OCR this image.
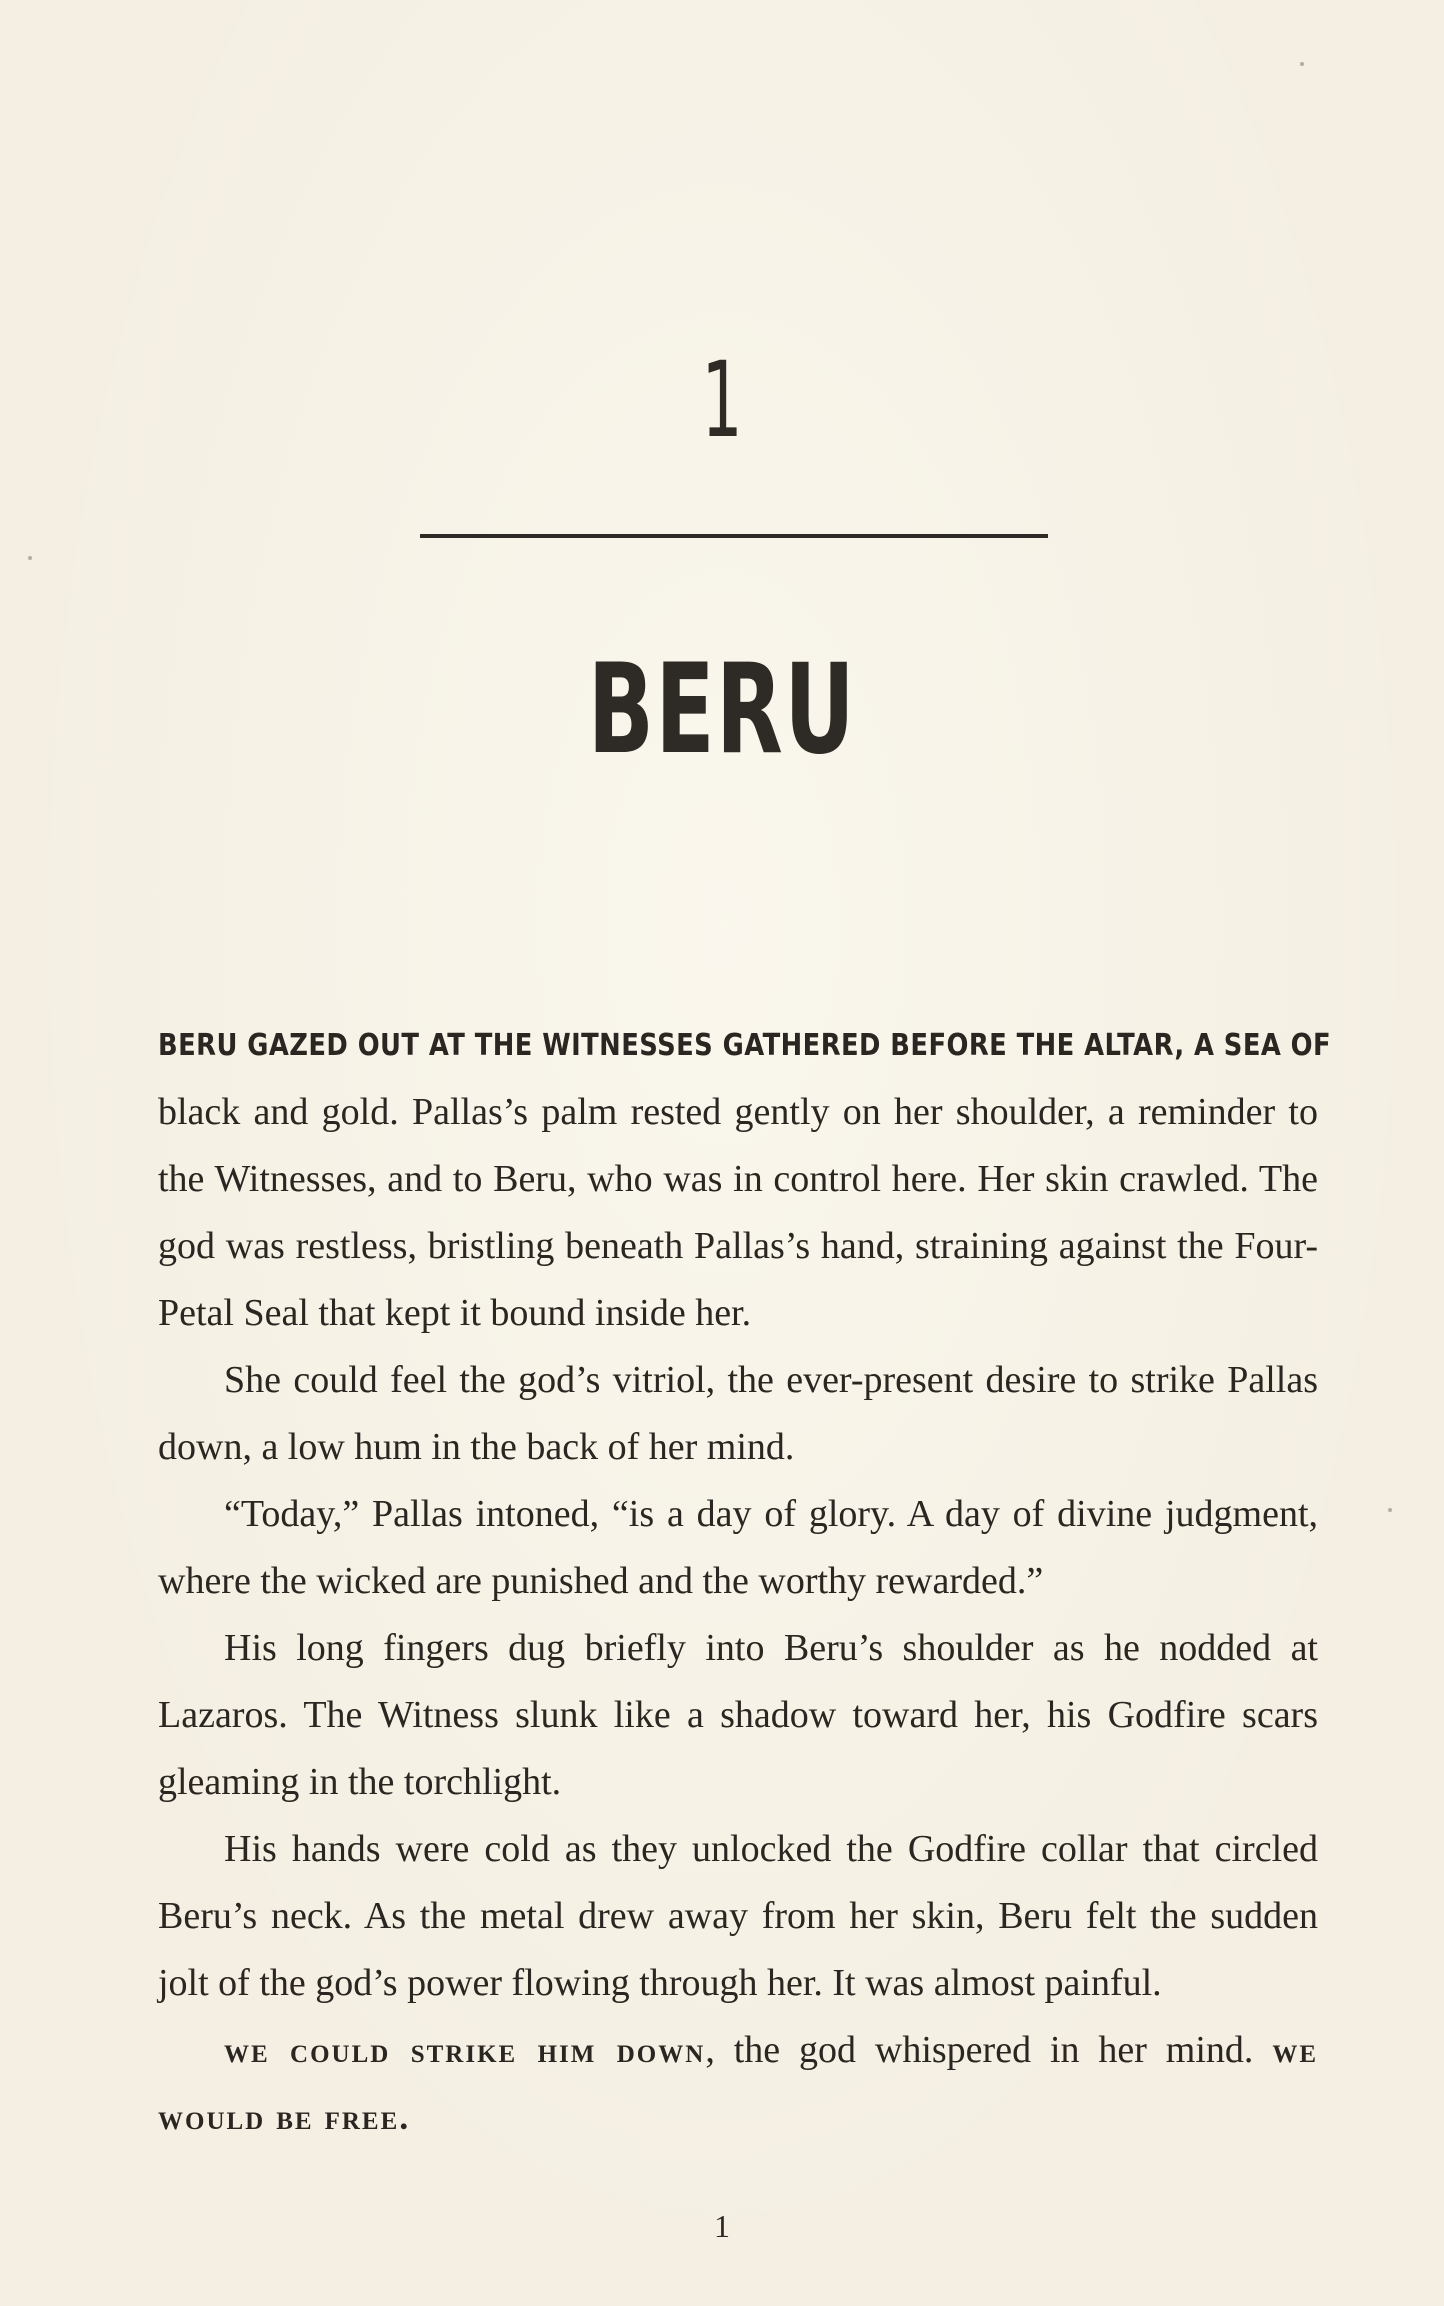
1
BERU

BERU GAZED OUT AT THE WITNESSES GATHERED BEFORE THE ALTAR, A SEA OF black and gold. Pallas’s palm rested gently on her shoulder, a reminder to the Witnesses, and to Beru, who was in control here. Her skin crawled. The god was restless, bristling beneath Pallas’s hand, straining against the Four-Petal Seal that kept it bound inside her.

She could feel the god’s vitriol, the ever-present desire to strike Pallas down, a low hum in the back of her mind.

“Today,” Pallas intoned, “is a day of glory. A day of divine judgment, where the wicked are punished and the worthy rewarded.”

His long fingers dug briefly into Beru’s shoulder as he nodded at Lazaros. The Witness slunk like a shadow toward her, his Godfire scars gleaming in the torchlight.

His hands were cold as they unlocked the Godfire collar that circled Beru’s neck. As the metal drew away from her skin, Beru felt the sudden jolt of the god’s power flowing through her. It was almost painful.

we could strike him down, the god whispered in her mind. we would be free.

1
